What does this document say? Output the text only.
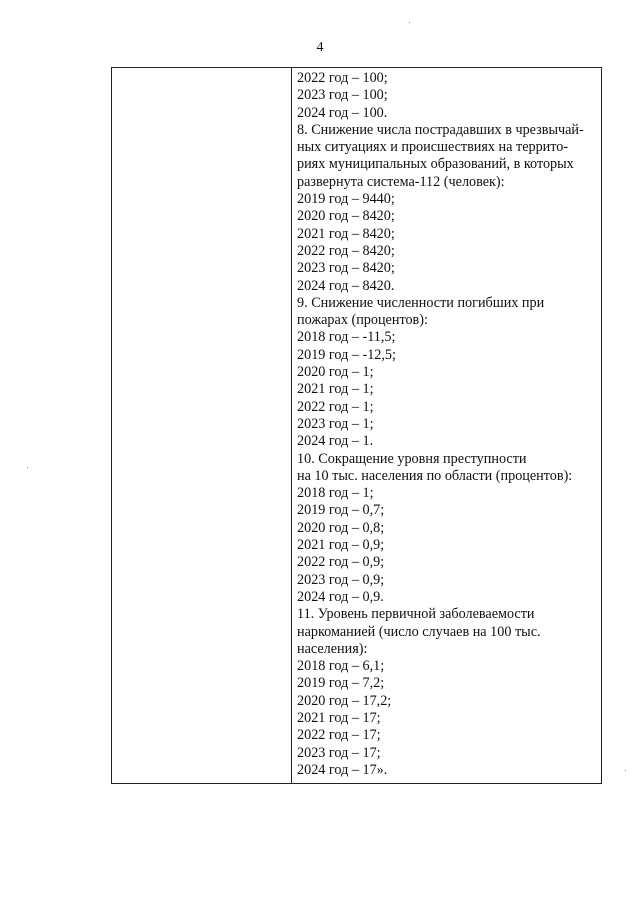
4
2022 год – 100;
2023 год – 100;
2024 год – 100.
8. Снижение числа пострадавших в чрезвычай-
ных ситуациях и происшествиях на террито-
риях муниципальных образований, в которых
развернута система-112 (человек):
2019 год – 9440;
2020 год – 8420;
2021 год – 8420;
2022 год – 8420;
2023 год – 8420;
2024 год – 8420.
9. Снижение численности погибших при
пожарах (процентов):
2018 год – -11,5;
2019 год – -12,5;
2020 год – 1;
2021 год – 1;
2022 год – 1;
2023 год – 1;
2024 год – 1.
10. Сокращение уровня преступности
на 10 тыс. населения по области (процентов):
2018 год – 1;
2019 год – 0,7;
2020 год – 0,8;
2021 год – 0,9;
2022 год – 0,9;
2023 год – 0,9;
2024 год – 0,9.
11. Уровень первичной заболеваемости
наркоманией (число случаев на 100 тыс.
населения):
2018 год – 6,1;
2019 год – 7,2;
2020 год – 17,2;
2021 год – 17;
2022 год – 17;
2023 год – 17;
2024 год – 17».
